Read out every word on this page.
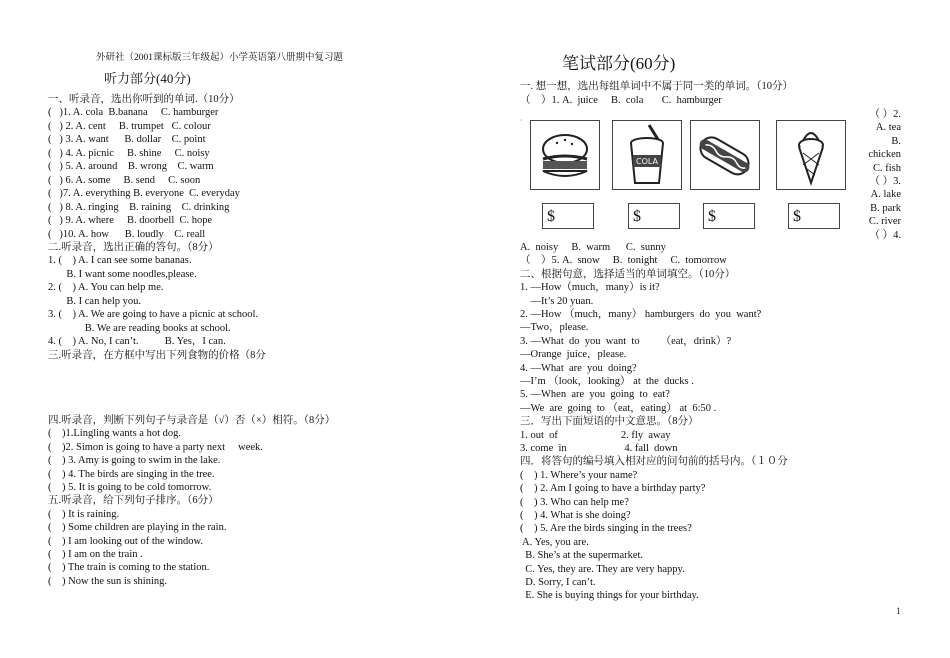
外研社（2001课标版三年级起）小学英语第八册期中复习题
听力部分(40分)
一、听录音，选出你听到的单词.（10分）
(   )1. A. cola  B.banana     C. hamburger
(   ) 2. A. cent     B. trumpet   C. colour
(   ) 3. A. want      B. dollar    C. point
(   ) 4. A. picnic     B. shine     C. noisy
(   ) 5. A. around    B. wrong    C. warm
(   ) 6. A. some     B. send     C. soon
(   )7. A. everything B. everyone  C. everyday
(   ) 8. A. ringing    B. raining    C. drinking
(   ) 9. A. where     B. doorbell  C. hope
(   )10. A. how      B. loudly    C. reall
二.听录音，选出正确的答句。（8分）
1. (    ) A. I can see some bananas.
B. I want some noodles,please.
2. (    ) A. You can help me.
B. I can help you.
3. (    ) A. We are going to have a picnic at school.
B. We are reading books at school.
4. (    ) A. No, I can’t.          B. Yes，I can.
三.听录音，在方框中写出下列食物的价格（8分
四.听录音，判断下列句子与录音是（√）否（×）相符。（8分）
(    )1.Lingling wants a hot dog.
(    )2. Simon is going to have a party next     week.
(    ) 3. Amy is going to swim in the lake.
(    ) 4. The birds are singing in the tree.
(    ) 5. It is going to be cold tomorrow.
五.听录音，给下列句子排序。（6分）
(    ) It is raining.
(    ) Some children are playing in the rain.
(    ) I am looking out of the window.
(    ) I am on the train .
(    ) The train is coming to the station.
(    ) Now the sun is shining.
笔试部分(60分)
一. 想一想，选出每组单词中不属于同一类的单词。（10分）
（    ）1. A.  juice     B.  cola       C.  hamburger
A.  noisy     B.  warm      C.  sunny
（    ）5. A.  snow     B.  tonight     C.  tomorrow
二、根据句意，选择适当的单词填空。（10分）
1. —How（much，many）is it?
—It’s 20 yuan.
2. —How （much，many） hamburgers  do  you  want?
—Two，please.
3. —What  do  you  want  to        （eat，drink）?
—Orange  juice，please.
4. —What  are  you  doing?
—I’m （look，looking） at  the  ducks .
5. —When  are  you  going  to  eat?
—We  are  going  to （eat，eating） at  6:50 .
三．写出下面短语的中文意思。（8分）
1. out  of                        2. fly  away
3. come  in                      4. fall  down
四．将答句的编号填入相对应的问句前的括号内。（１０分
(    ) 1. Where’s your name?
(    ) 2. Am I going to have a birthday party?
(    ) 3. Who can help me?
(    ) 4. What is she doing?
(    ) 5. Are the birds singing in the trees?
A. Yes, you are.
B. She’s at the supermarket.
C. Yes, they are. They are very happy.
D. Sorry, I can’t.
E. She is buying things for your birthday.
·
COLA
$	$	$	$
（ ）2.
A. tea
B.
chicken
C. fish
（ ）3.
A. lake
B. park
C. river
（ ）4.
1
